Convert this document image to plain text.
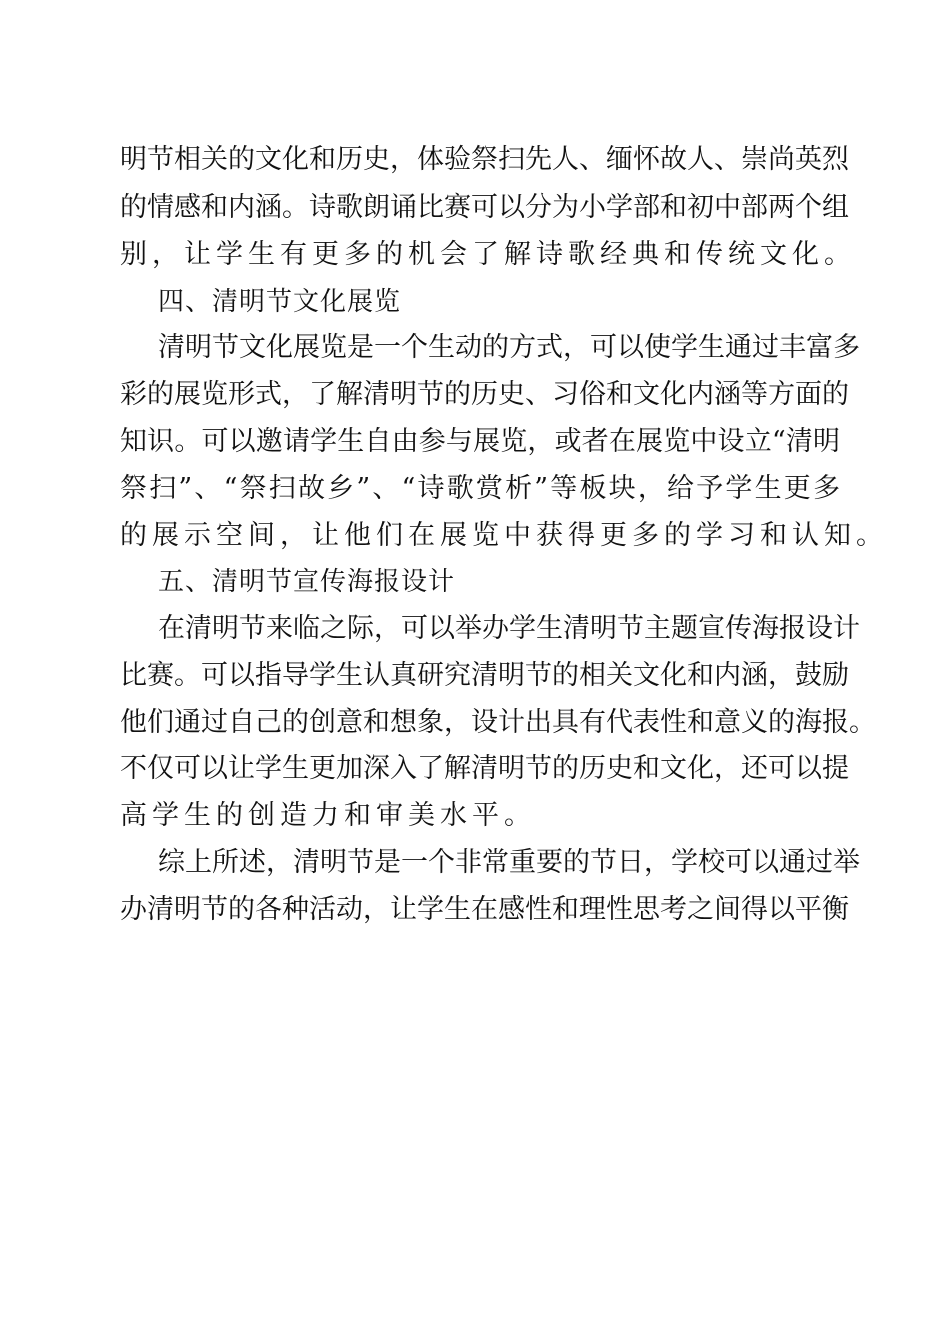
明节相关的文化和历史，体验祭扫先人、缅怀故人、崇尚英烈
的情感和内涵。诗歌朗诵比赛可以分为小学部和初中部两个组
别，让学生有更多的机会了解诗歌经典和传统文化。
四、清明节文化展览
清明节文化展览是一个生动的方式，可以使学生通过丰富多
彩的展览形式，了解清明节的历史、习俗和文化内涵等方面的
知识。可以邀请学生自由参与展览，或者在展览中设立“清明
祭扫”、“祭扫故乡”、“诗歌赏析”等板块，给予学生更多
的展示空间，让他们在展览中获得更多的学习和认知。
五、清明节宣传海报设计
在清明节来临之际，可以举办学生清明节主题宣传海报设计
比赛。可以指导学生认真研究清明节的相关文化和内涵，鼓励
他们通过自己的创意和想象，设计出具有代表性和意义的海报。
不仅可以让学生更加深入了解清明节的历史和文化，还可以提
高学生的创造力和审美水平。
综上所述，清明节是一个非常重要的节日，学校可以通过举
办清明节的各种活动，让学生在感性和理性思考之间得以平衡
